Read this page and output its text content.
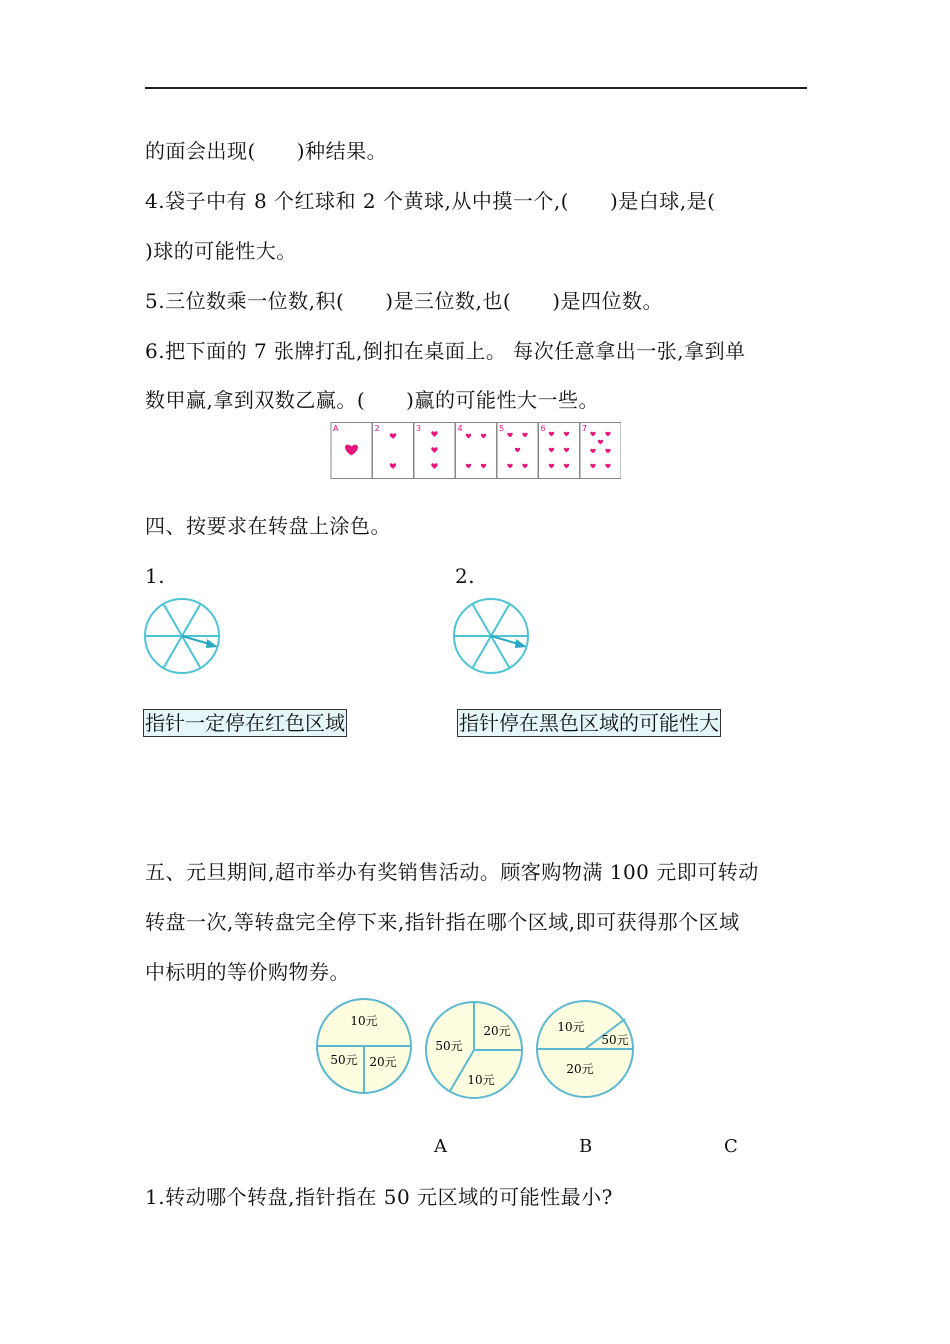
的面会出现(　　)种结果。
4.袋子中有 8 个红球和 2 个黄球,从中摸一个,(　　)是白球,是(
)球的可能性大。
5.三位数乘一位数,积(　　)是三位数,也(　　)是四位数。
6.把下面的 7 张牌打乱,倒扣在桌面上。 每次任意拿出一张,拿到单
数甲赢,拿到双数乙赢。(　　)赢的可能性大一些。
A	2	3	4	5	6	7
四、按要求在转盘上涂色。
1.	2.
指针一定停在红色区域	指针停在黑色区域的可能性大
五、元旦期间,超市举办有奖销售活动。顾客购物满 100 元即可转动
转盘一次,等转盘完全停下来,指针指在哪个区域,即可获得那个区域
中标明的等价购物券。
10元
50元 20元
50元
20元
10元
10元
50元
20元
A	B	C
1.转动哪个转盘,指针指在 50 元区域的可能性最小?
